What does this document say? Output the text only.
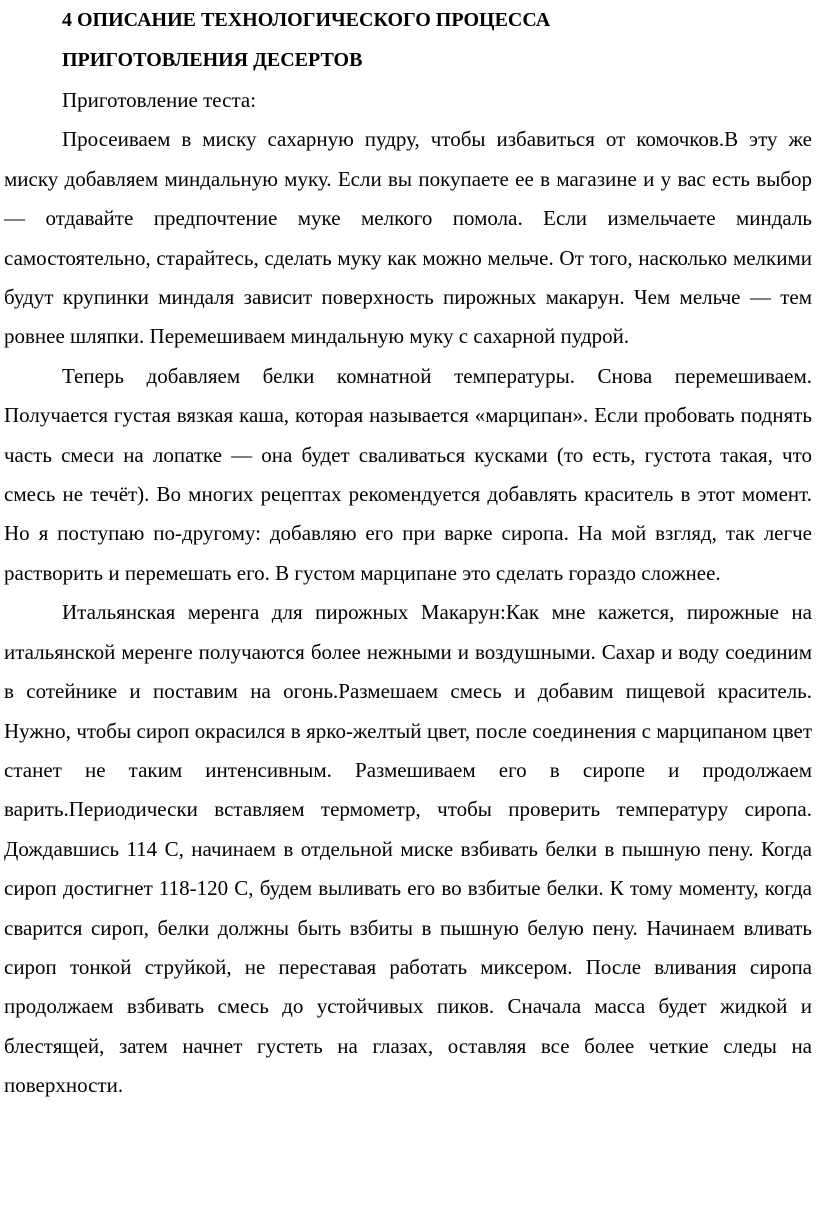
4 ОПИСАНИЕ ТЕХНОЛОГИЧЕСКОГО ПРОЦЕССА
ПРИГОТОВЛЕНИЯ ДЕСЕРТОВ

Приготовление теста:

Просеиваем в миску сахарную пудру, чтобы избавиться от комочков.В эту же миску добавляем миндальную муку. Если вы покупаете ее в магазине и у вас есть выбор — отдавайте предпочтение муке мелкого помола. Если измельчаете миндаль самостоятельно, старайтесь, сделать муку как можно мельче. От того, насколько мелкими будут крупинки миндаля зависит поверхность пирожных макарун. Чем мельче — тем ровнее шляпки. Перемешиваем миндальную муку с сахарной пудрой.

Теперь добавляем белки комнатной температуры. Снова перемешиваем. Получается густая вязкая каша, которая называется «марципан». Если пробовать поднять часть смеси на лопатке — она будет сваливаться кусками (то есть, густота такая, что смесь не течёт). Во многих рецептах рекомендуется добавлять краситель в этот момент. Но я поступаю по-другому: добавляю его при варке сиропа. На мой взгляд, так легче растворить и перемешать его. В густом марципане это сделать гораздо сложнее.

Итальянская меренга для пирожных Макарун:Как мне кажется, пирожные на итальянской меренге получаются более нежными и воздушными. Сахар и воду соединим в сотейнике и поставим на огонь.Размешаем смесь и добавим пищевой краситель. Нужно, чтобы сироп окрасился в ярко-желтый цвет, после соединения с марципаном цвет станет не таким интенсивным. Размешиваем его в сиропе и продолжаем варить.Периодически вставляем термометр, чтобы проверить температуру сиропа. Дождавшись 114 С, начинаем в отдельной миске взбивать белки в пышную пену. Когда сироп достигнет 118-120 С, будем выливать его во взбитые белки. К тому моменту, когда сварится сироп, белки должны быть взбиты в пышную белую пену. Начинаем вливать сироп тонкой струйкой, не переставая работать миксером. После вливания сиропа продолжаем взбивать смесь до устойчивых пиков. Сначала масса будет жидкой и блестящей, затем начнет густеть на глазах, оставляя все более четкие следы на поверхности.
